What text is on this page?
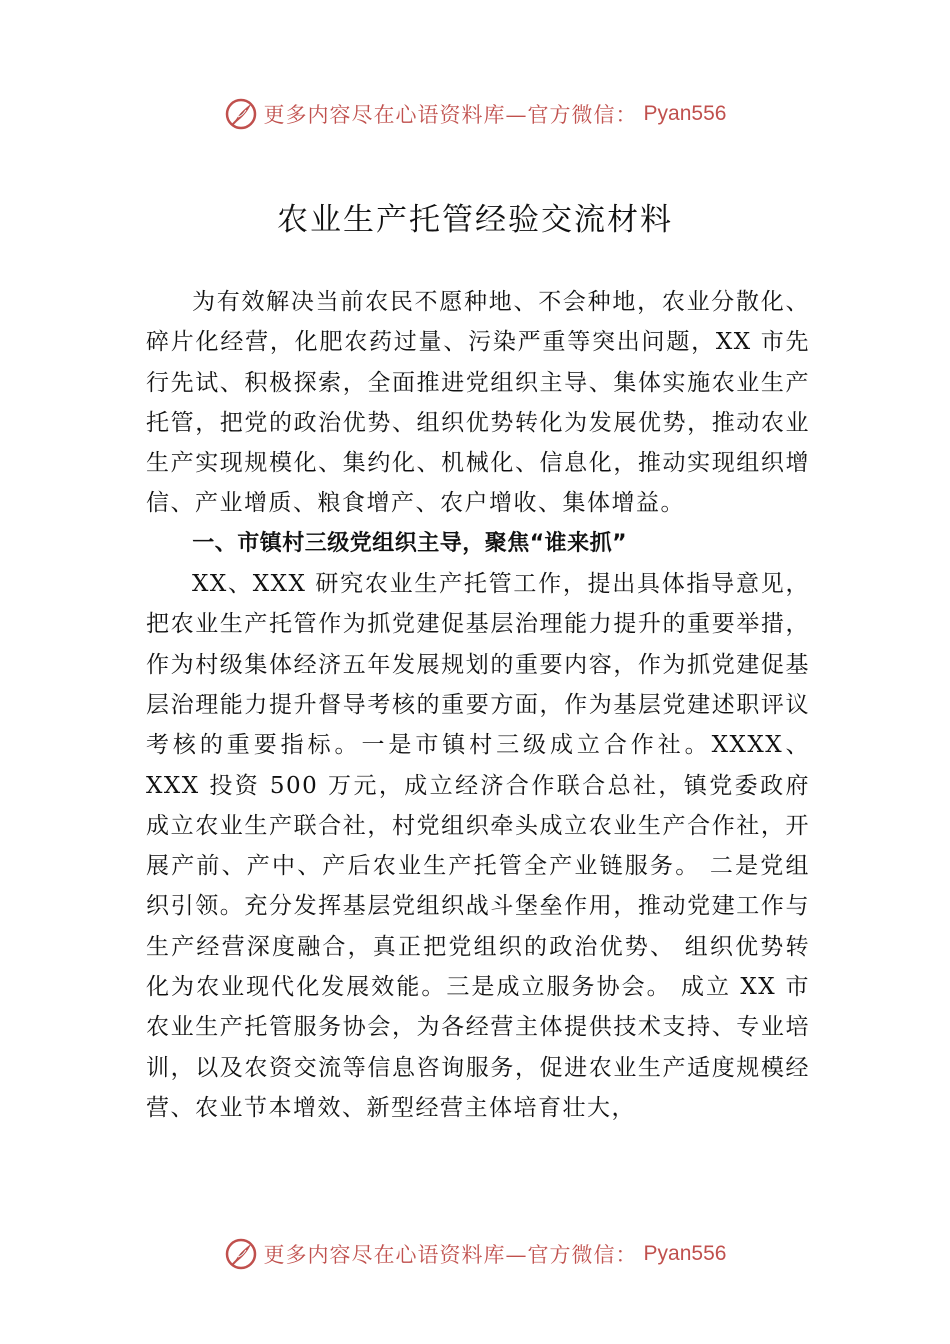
更多内容尽在心语资料库—官方微信： Pyan556
农业生产托管经验交流材料

为有效解决当前农民不愿种地、不会种地，农业分散化、碎片化经营，化肥农药过量、污染严重等突出问题，XX 市先行先试、积极探索，全面推进党组织主导、集体实施农业生产托管，把党的政治优势、组织优势转化为发展优势，推动农业生产实现规模化、集约化、机械化、信息化，推动实现组织增信、产业增质、粮食增产、农户增收、集体增益。

一、市镇村三级党组织主导，聚焦“谁来抓”

XX、XXX 研究农业生产托管工作，提出具体指导意见，把农业生产托管作为抓党建促基层治理能力提升的重要举措，作为村级集体经济五年发展规划的重要内容，作为抓党建促基层治理能力提升督导考核的重要方面，作为基层党建述职评议考核的重要指标。一是市镇村三级成立合作社。XXXX、XXX 投资 500 万元，成立经济合作联合总社，镇党委政府成立农业生产联合社，村党组织牵头成立农业生产合作社，开展产前、产中、产后农业生产托管全产业链服务。 二是党组织引领。充分发挥基层党组织战斗堡垒作用，推动党建工作与生产经营深度融合，真正把党组织的政治优势、 组织优势转化为农业现代化发展效能。三是成立服务协会。 成立 XX 市农业生产托管服务协会，为各经营主体提供技术支持、专业培训，以及农资交流等信息咨询服务，促进农业生产适度规模经营、农业节本增效、新型经营主体培育壮大，

更多内容尽在心语资料库—官方微信： Pyan556
